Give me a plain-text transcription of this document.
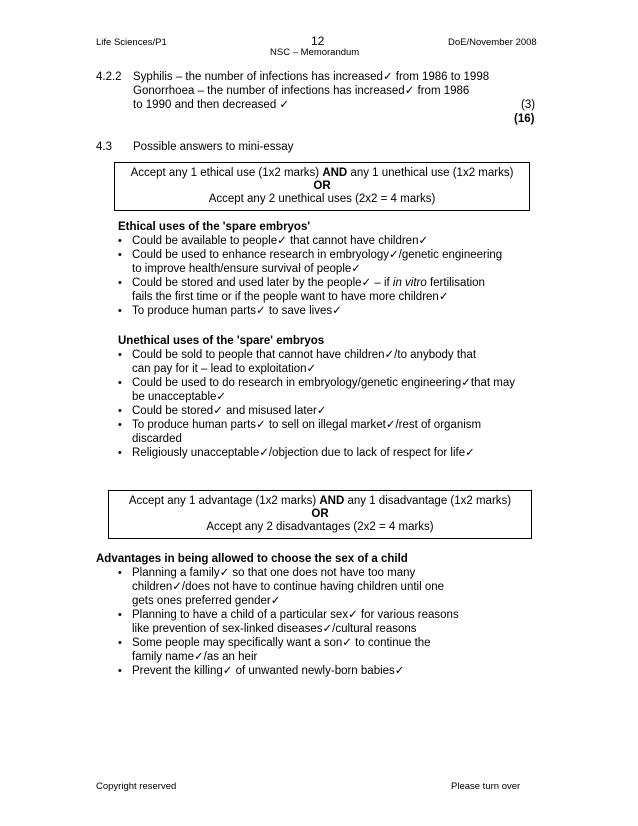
Life Sciences/P1	12	DoE/November 2008
NSC – Memorandum
4.2.2 Syphilis – the number of infections has increased✓ from 1986 to 1998
Gonorrhoea – the number of infections has increased✓ from 1986
to 1990 and then decreased ✓	(3)
(16)
4.3 Possible answers to mini-essay
Accept any 1 ethical use (1x2 marks) AND any 1 unethical use (1x2 marks)
OR
Accept any 2 unethical uses (2x2 = 4 marks)
Ethical uses of the 'spare embryos'
• Could be available to people✓ that cannot have children✓
• Could be used to enhance research in embryology✓/genetic engineering
to improve health/ensure survival of people✓
• Could be stored and used later by the people✓ – if in vitro fertilisation
fails the first time or if the people want to have more children✓
• To produce human parts✓ to save lives✓
Unethical uses of the 'spare' embryos
• Could be sold to people that cannot have children✓/to anybody that
can pay for it – lead to exploitation✓
• Could be used to do research in embryology/genetic engineering✓that may
be unacceptable✓
• Could be stored✓ and misused later✓
• To produce human parts✓ to sell on illegal market✓/rest of organism
discarded
• Religiously unacceptable✓/objection due to lack of respect for life✓
Accept any 1 advantage (1x2 marks) AND any 1 disadvantage (1x2 marks)
OR
Accept any 2 disadvantages (2x2 = 4 marks)
Advantages in being allowed to choose the sex of a child
• Planning a family✓ so that one does not have too many
children✓/does not have to continue having children until one
gets ones preferred gender✓
• Planning to have a child of a particular sex✓ for various reasons
like prevention of sex-linked diseases✓/cultural reasons
• Some people may specifically want a son✓ to continue the
family name✓/as an heir
• Prevent the killing✓ of unwanted newly-born babies✓
Copyright reserved	Please turn over
